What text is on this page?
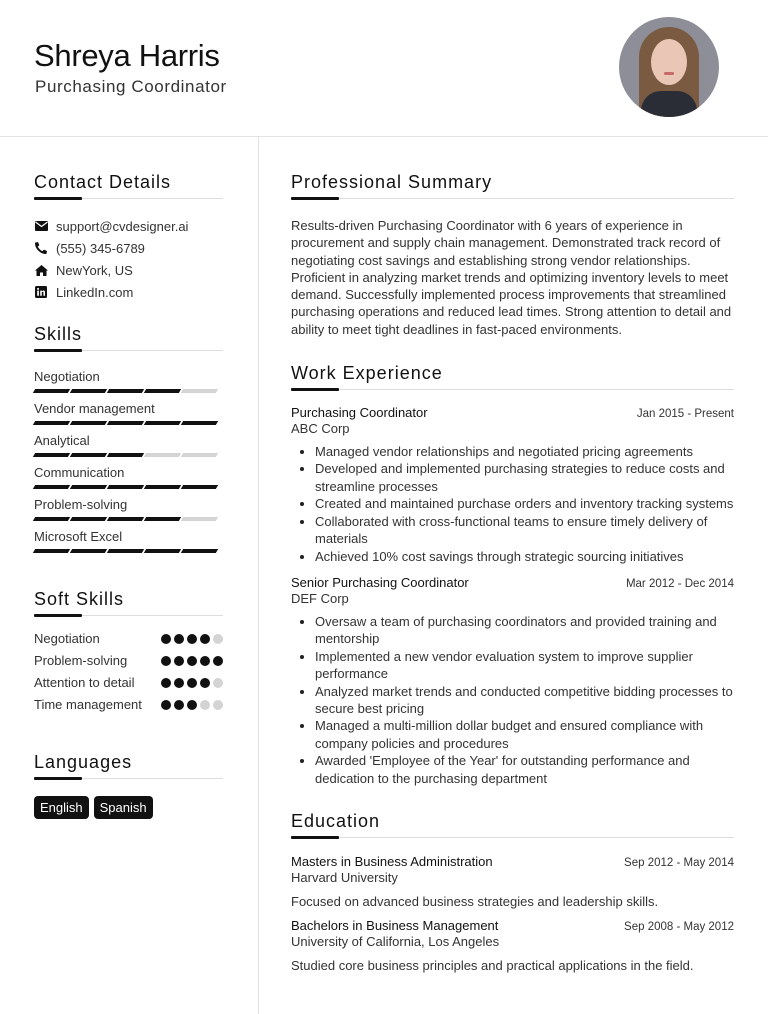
Shreya Harris
Purchasing Coordinator
Contact Details
support@cvdesigner.ai
(555) 345-6789
NewYork, US
LinkedIn.com
Skills
Negotiation
Vendor management
Analytical
Communication
Problem-solving
Microsoft Excel
Soft Skills
Negotiation
Problem-solving
Attention to detail
Time management
Languages
English	Spanish
Professional Summary

Results-driven Purchasing Coordinator with 6 years of experience in procurement and supply chain management. Demonstrated track record of negotiating cost savings and establishing strong vendor relationships. Proficient in analyzing market trends and optimizing inventory levels to meet demand. Successfully implemented process improvements that streamlined purchasing operations and reduced lead times. Strong attention to detail and ability to meet tight deadlines in fast-paced environments.

Work Experience
Purchasing Coordinator	Jan 2015 - Present
ABC Corp
Managed vendor relationships and negotiated pricing agreements
Developed and implemented purchasing strategies to reduce costs and streamline processes
Created and maintained purchase orders and inventory tracking systems
Collaborated with cross-functional teams to ensure timely delivery of materials
Achieved 10% cost savings through strategic sourcing initiatives
Senior Purchasing Coordinator	Mar 2012 - Dec 2014
DEF Corp
Oversaw a team of purchasing coordinators and provided training and mentorship
Implemented a new vendor evaluation system to improve supplier performance
Analyzed market trends and conducted competitive bidding processes to secure best pricing
Managed a multi-million dollar budget and ensured compliance with company policies and procedures
Awarded 'Employee of the Year' for outstanding performance and dedication to the purchasing department
Education
Masters in Business Administration	Sep 2012 - May 2014
Harvard University
Focused on advanced business strategies and leadership skills.
Bachelors in Business Management	Sep 2008 - May 2012
University of California, Los Angeles
Studied core business principles and practical applications in the field.
